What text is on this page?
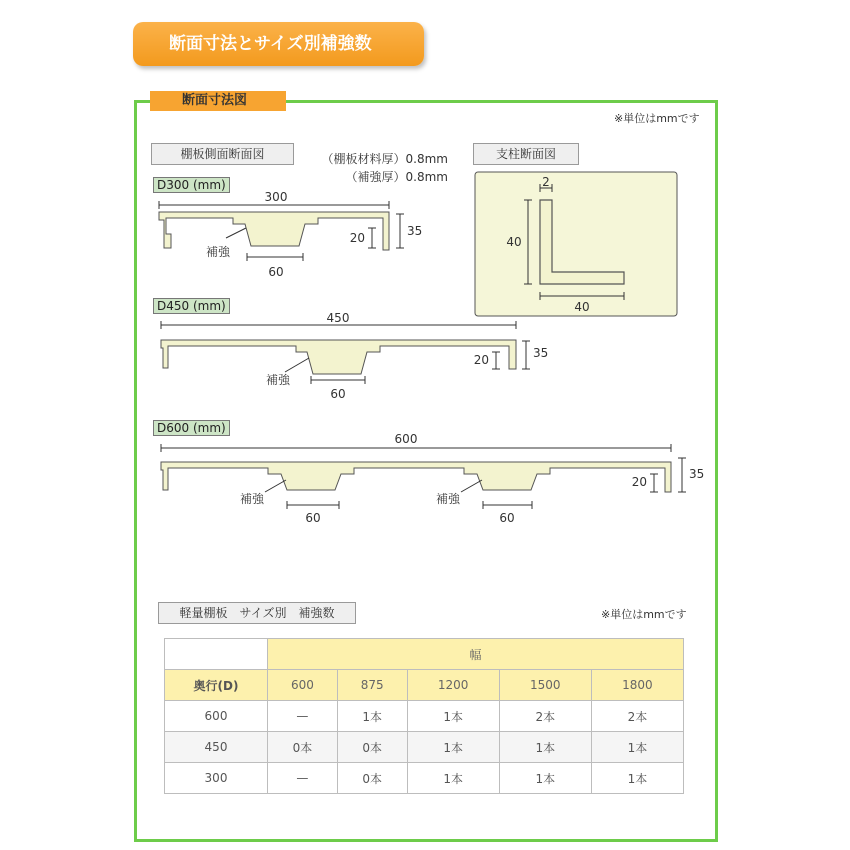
断面寸法とサイズ別補強数
断面寸法図
※単位はmmです
棚板側面断面図	（棚板材料厚）0.8mm
（補強厚）0.8mm
支柱断面図
D300 (mm)
D450 (mm)
D600 (mm)
2
40
40
300
35
20
補強
60
450
35
20
補強
60
600
35
20
補強
60
補強
60
軽量棚板　サイズ別　補強数	※単位はmmです
	幅				
奥行(D)	600	875	1200	1500	1800
600	—	1本	1本	2本	2本
450	0本	0本	1本	1本	1本
300	—	0本	1本	1本	1本
